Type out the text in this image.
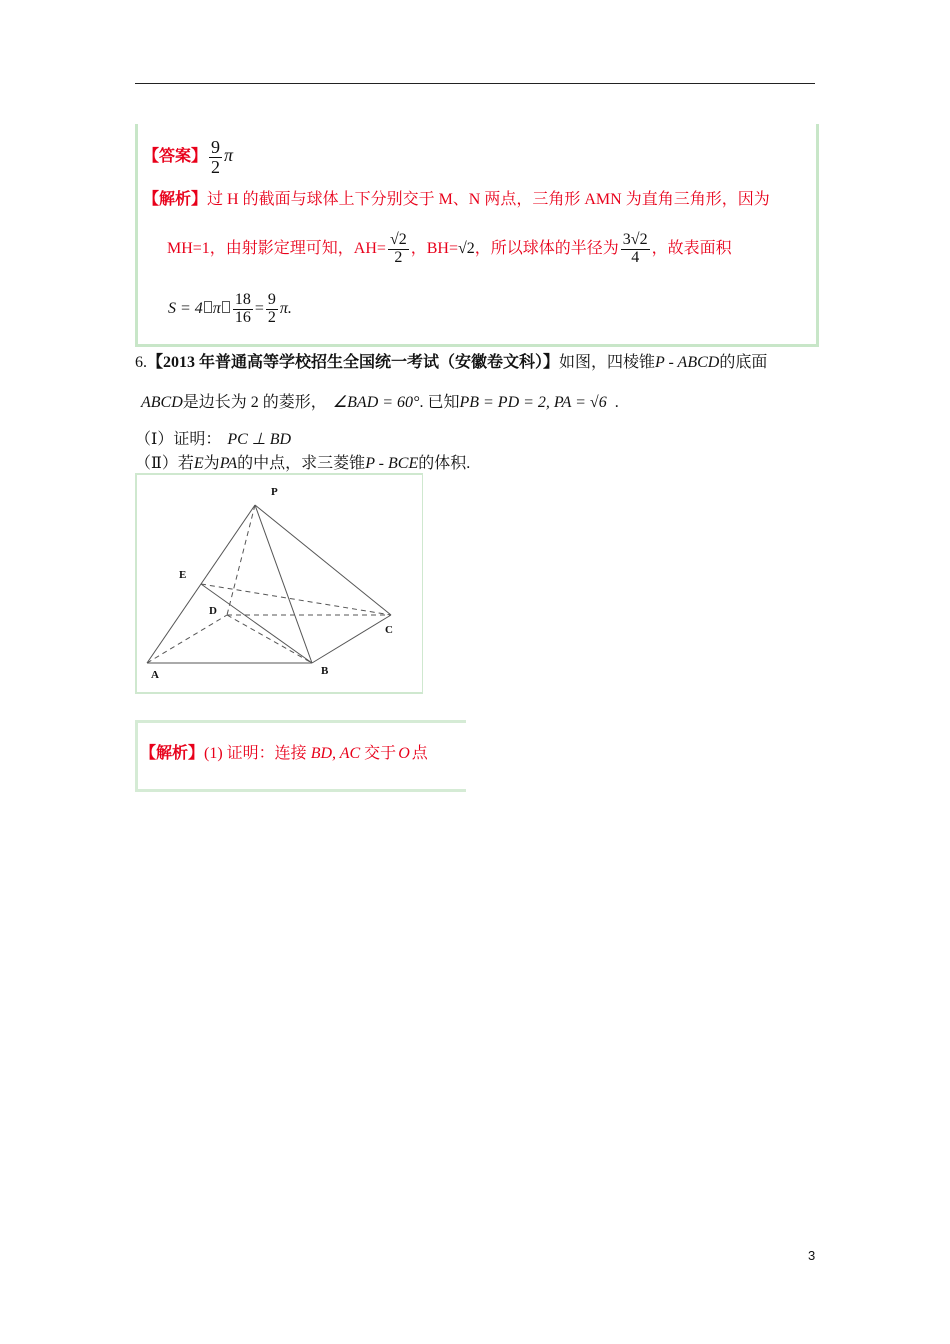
【答案】 $\frac{9}{2}$ π
【解析】过 H 的截面与球体上下分别交于 M、N 两点，三角形 AMN 为直角三角形，因为
MH=1，由射影定理可知，$AH= \frac{√2}{2}$ ，BH=√2，所以球体的半径为 $\frac{3√2}{4}$ ，故表面积
S = 4 π $\frac{18}{16} = \frac{9}{2} \pi$.
6.【2013 年普通高等学校招生全国统一考试（安徽卷文科）】如图，四棱锥P - ABCD的底面
ABCD是边长为 2 的菱形， ∠BAD = 60°. 已知PB = PD = 2, PA = √6 .
（Ⅰ）证明： PC ⊥ BD
（Ⅱ）若E为PA的中点，求三菱锥P - BCE的体积.
P
E
D
C
A	B
【解析】(1) 证明：连接 BD, AC 交于 O 点
3
